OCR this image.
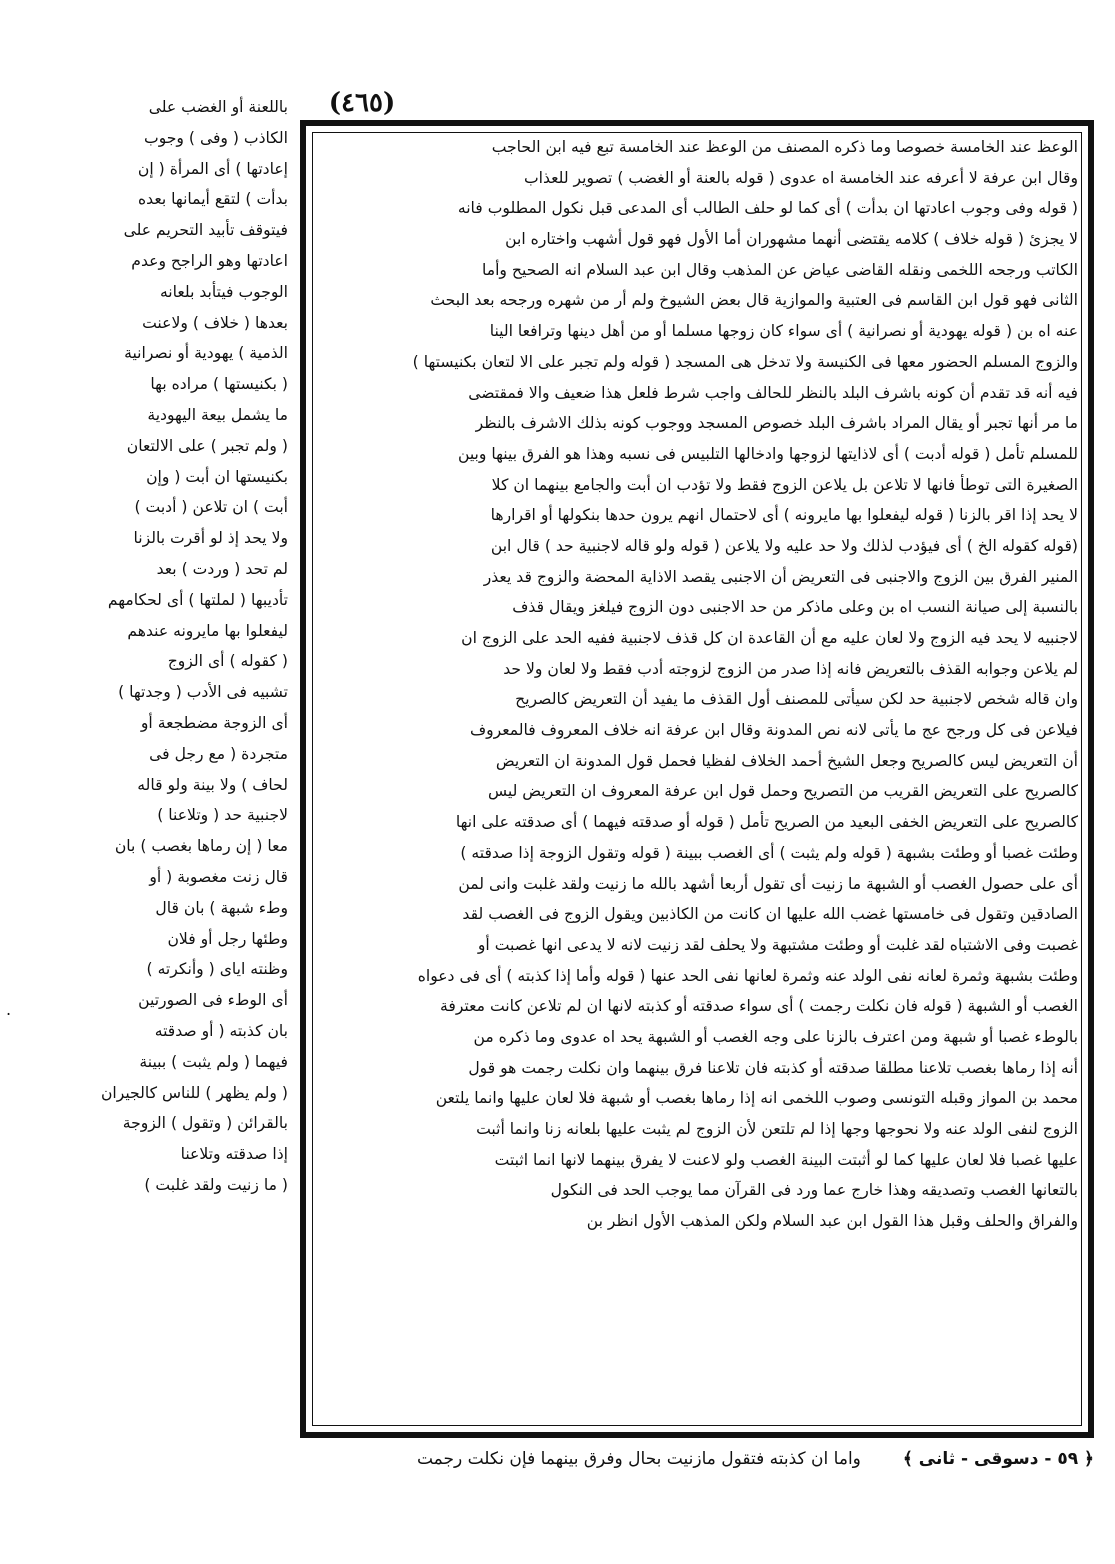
(٤٦٥)
الوعظ عند الخامسة خصوصا وما ذكره المصنف من الوعظ عند الخامسة تبع فيه ابن الحاجب
وقال ابن عرفة لا أعرفه عند الخامسة اه عدوى ( قوله بالعنة أو الغضب ) تصوير للعذاب
( قوله وفى وجوب اعادتها ان بدأت ) أى كما لو حلف الطالب أى المدعى قبل نكول المطلوب فانه
لا يجزئ ( قوله خلاف ) كلامه يقتضى أنهما مشهوران أما الأول فهو قول أشهب واختاره ابن
الكاتب ورجحه اللخمى ونقله القاضى عياض عن المذهب وقال ابن عبد السلام انه الصحيح وأما
الثانى فهو قول ابن القاسم فى العتبية والموازية قال بعض الشيوخ ولم أر من شهره ورجحه بعد البحث
عنه اه بن ( قوله يهودية أو نصرانية ) أى سواء كان زوجها مسلما أو من أهل دينها وترافعا الينا
والزوج المسلم الحضور معها فى الكنيسة ولا تدخل هى المسجد ( قوله ولم تجبر على الا لتعان بكنيستها )
فيه أنه قد تقدم أن كونه باشرف البلد بالنظر للحالف واجب شرط فلعل هذا ضعيف والا فمقتضى
ما مر أنها تجبر أو يقال المراد باشرف البلد خصوص المسجد ووجوب كونه بذلك الاشرف بالنظر
للمسلم تأمل ( قوله أدبت ) أى لاذايتها لزوجها وادخالها التلبيس فى نسبه وهذا هو الفرق بينها وبين
الصغيرة التى توطأ فانها لا تلاعن بل يلاعن الزوج فقط ولا تؤدب ان أبت والجامع بينهما ان كلا
لا يحد إذا اقر بالزنا ( قوله ليفعلوا بها مايرونه ) أى لاحتمال انهم يرون حدها بنكولها أو اقرارها
(قوله كقوله الخ ) أى فيؤدب لذلك ولا حد عليه ولا يلاعن ( قوله ولو قاله لاجنبية حد ) قال ابن
المنير الفرق بين الزوج والاجنبى فى التعريض أن الاجنبى يقصد الاذاية المحضة والزوج قد يعذر
بالنسبة إلى صيانة النسب اه بن وعلى ماذكر من حد الاجنبى دون الزوج فيلغز ويقال قذف
لاجنبيه لا يحد فيه الزوج ولا لعان عليه مع أن القاعدة ان كل قذف لاجنبية ففيه الحد على الزوج ان
لم يلاعن وجوابه القذف بالتعريض فانه إذا صدر من الزوج لزوجته أدب فقط ولا لعان ولا حد
وان قاله شخص لاجنبية حد لكن سيأتى للمصنف أول القذف ما يفيد أن التعريض كالصريح
فيلاعن فى كل ورجح عج ما يأتى لانه نص المدونة وقال ابن عرفة انه خلاف المعروف فالمعروف
أن التعريض ليس كالصريح وجعل الشيخ أحمد الخلاف لفظيا فحمل قول المدونة ان التعريض
كالصريح على التعريض القريب من التصريح وحمل قول ابن عرفة المعروف ان التعريض ليس
كالصريح على التعريض الخفى البعيد من الصريح تأمل ( قوله أو صدقته فيهما ) أى صدقته على انها
وطئت غصبا أو وطئت بشبهة ( قوله ولم يثبت ) أى الغصب ببينة ( قوله وتقول الزوجة إذا صدقته )
أى على حصول الغصب أو الشبهة ما زنيت أى تقول أربعا أشهد بالله ما زنيت ولقد غلبت وانى لمن
الصادقين وتقول فى خامستها غضب الله عليها ان كانت من الكاذبين ويقول الزوج فى الغصب لقد
غصبت وفى الاشتباه لقد غلبت أو وطئت مشتبهة ولا يحلف لقد زنيت لانه لا يدعى انها غصبت أو
وطئت بشبهة وثمرة لعانه نفى الولد عنه وثمرة لعانها نفى الحد عنها ( قوله وأما إذا كذبته ) أى فى دعواه
الغصب أو الشبهة ( قوله فان نكلت رجمت ) أى سواء صدقته أو كذبته لانها ان لم تلاعن كانت معترفة
بالوطء غصبا أو شبهة ومن اعترف بالزنا على وجه الغصب أو الشبهة يحد اه عدوى وما ذكره من
أنه إذا رماها بغصب تلاعنا مطلقا صدقته أو كذبته فان تلاعنا فرق بينهما وان نكلت رجمت هو قول
محمد بن المواز وقبله التونسى وصوب اللخمى انه إذا رماها بغصب أو شبهة فلا لعان عليها وانما يلتعن
الزوج لنفى الولد عنه ولا نحوجها وجها إذا لم تلتعن لأن الزوج لم يثبت عليها بلعانه زنا وانما أثبت
عليها غصبا فلا لعان عليها كما لو أثبتت البينة الغصب ولو لاعنت لا يفرق بينهما لانها انما اثبتت
بالتعانها الغصب وتصديقه وهذا خارج عما ورد فى القرآن مما يوجب الحد فى النكول
والفراق والحلف وقبل هذا القول ابن عبد السلام ولكن المذهب الأول انظر بن
باللعنة أو الغضب على
الكاذب ( وفى ) وجوب
إعادتها ) أى المرأة ( إن
بدأت ) لتقع أيمانها بعده
فيتوقف تأبيد التحريم على
اعادتها وهو الراجح وعدم
الوجوب فيتأبد بلعانه
بعدها ( خلاف ) ولاعنت
الذمية ) يهودية أو نصرانية
( بكنيستها ) مراده بها
ما يشمل بيعة اليهودية
( ولم تجبر ) على الالتعان
بكنيستها ان أبت ( وإن
أبت ) ان تلاعن ( أدبت )
ولا يحد إذ لو أقرت بالزنا
لم تحد ( وردت ) بعد
تأديبها ( لملتها ) أى لحكامهم
ليفعلوا بها مايرونه عندهم
( كقوله ) أى الزوج
تشبيه فى الأدب ( وجدتها )
أى الزوجة مضطجعة أو
متجردة ( مع رجل فى
لحاف ) ولا بينة ولو قاله
لاجنبية حد ( وتلاعنا )
معا ( إن رماها بغصب ) بان
قال زنت مغصوبة ( أو
وطء شبهة ) بان قال
وطئها رجل أو فلان
وظنته اياى ( وأنكرته )
أى الوطء فى الصورتين
بان كذبته ( أو صدقته
فيهما ( ولم يثبت ) ببينة
( ولم يظهر ) للناس كالجيران
بالقرائن ( وتقول ) الزوجة
إذا صدقته وتلاعنا
( ما زنيت ولقد غلبت )
.
﴿ ٥٩ - دسوقى - ثانى ﴾واما ان كذبته فتقول مازنيت بحال وفرق بينهما فإن نكلت رجمت
